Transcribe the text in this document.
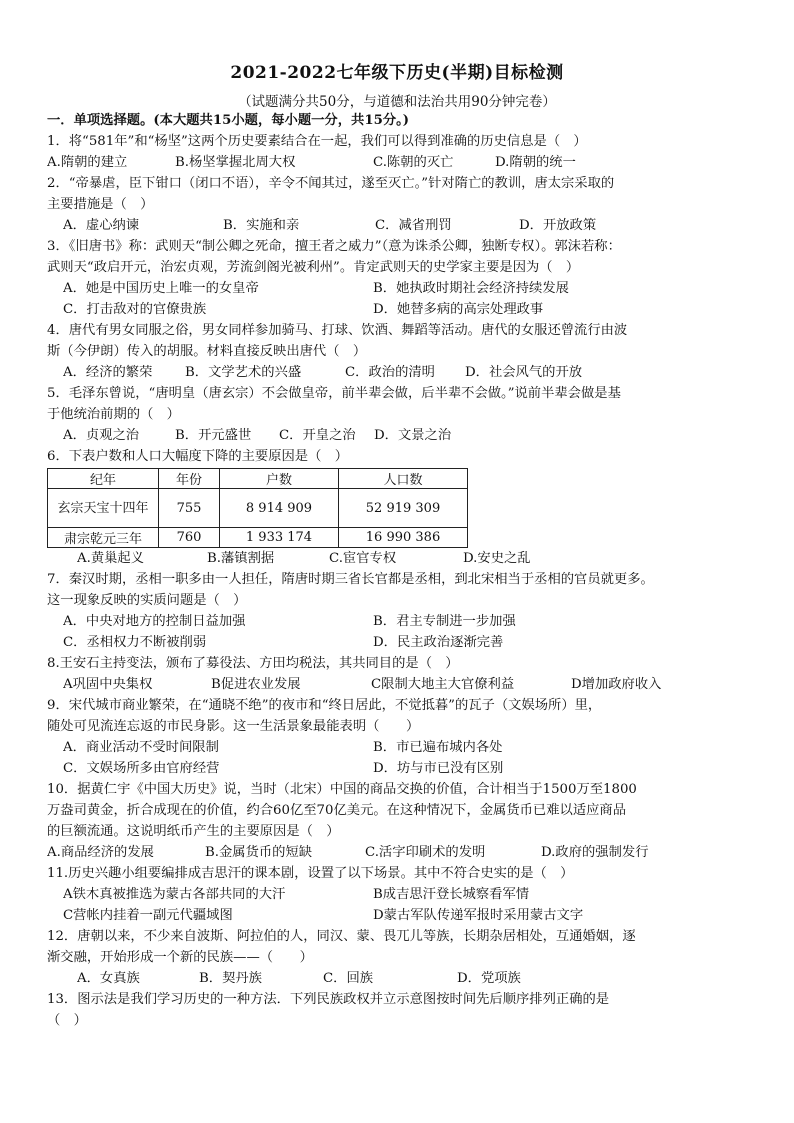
2021-2022七年级下历史(半期)目标检测
（试题满分共50分，与道德和法治共用90分钟完卷）
一．单项选择题。(本大题共15小题，每小题一分，共15分。)
1．将“581年”和“杨坚”这两个历史要素结合在一起，我们可以得到准确的历史信息是（　）
A.隋朝的建立	B.杨坚掌握北周大权	C.陈朝的灭亡	D.隋朝的统一
2．“帝暴虐，臣下钳口（闭口不语），辛令不闻其过，遂至灭亡。”针对隋亡的教训，唐太宗采取的
主要措施是（　）
A．虚心纳谏	B．实施和亲	C．减省刑罚	D．开放政策
3．《旧唐书》称：武则天“制公卿之死命，擅王者之威力”（意为诛杀公卿，独断专权）。郭沫若称：
武则天“政启开元，治宏贞观，芳流剑阁光被利州”。肯定武则天的史学家主要是因为（　）
A．她是中国历史上唯一的女皇帝	B．她执政时期社会经济持续发展
C．打击敌对的官僚贵族	D．她替多病的高宗处理政事
4．唐代有男女同服之俗，男女同样参加骑马、打球、饮酒、舞蹈等活动。唐代的女服还曾流行由波
斯（今伊朗）传入的胡服。材料直接反映出唐代（　）
A．经济的繁荣	B．文学艺术的兴盛	C．政治的清明	D．社会风气的开放
5．毛泽东曾说，“唐明皇（唐玄宗）不会做皇帝，前半辈会做，后半辈不会做。”说前半辈会做是基
于他统治前期的（　）
A．贞观之治	B．开元盛世	C．开皇之治	D．文景之治
6．下表户数和人口大幅度下降的主要原因是（　）
纪年	年份	户数	人口数
玄宗天宝十四年	755	8 914 909	52 919 309
肃宗乾元三年	760	1 933 174	16 990 386
A.黄巢起义	B.藩镇割据	C.宦官专权	D.安史之乱
7．秦汉时期，丞相一职多由一人担任，隋唐时期三省长官都是丞相，到北宋相当于丞相的官员就更多。
这一现象反映的实质问题是（　）
A．中央对地方的控制日益加强	B．君主专制进一步加强
C．丞相权力不断被削弱	D．民主政治逐渐完善
8.王安石主持变法，颁布了募役法、方田均税法，其共同目的是（　）
A巩固中央集权	B促进农业发展	C限制大地主大官僚利益	D增加政府收入
9．宋代城市商业繁荣，在“通晓不绝”的夜市和“终日居此，不觉抵暮”的瓦子（文娱场所）里，
随处可见流连忘返的市民身影。这一生活景象最能表明（　　）
A．商业活动不受时间限制	B．市已遍布城内各处
C．文娱场所多由官府经营	D．坊与市已没有区别
10．据黄仁宇《中国大历史》说，当时（北宋）中国的商品交换的价值，合计相当于1500万至1800
万盎司黄金，折合成现在的价值，约合60亿至70亿美元。在这种情况下，金属货币已难以适应商品
的巨额流通。这说明纸币产生的主要原因是（　）
A.商品经济的发展	B.金属货币的短缺	C.活字印刷术的发明	D.政府的强制发行
11.历史兴趣小组要编排成吉思汗的课本剧，设置了以下场景。其中不符合史实的是（　）
A铁木真被推选为蒙古各部共同的大汗	B成吉思汗登长城察看军情
C营帐内挂着一副元代疆域图	D蒙古军队传递军报时采用蒙古文字
12．唐朝以来，不少来自波斯、阿拉伯的人，同汉、蒙、畏兀儿等族，长期杂居相处，互通婚姻，逐
渐交融，开始形成一个新的民族——（　　）
A．女真族	B．契丹族	C．回族	D．党项族
13．图示法是我们学习历史的一种方法．下列民族政权并立示意图按时间先后顺序排列正确的是
（　）
